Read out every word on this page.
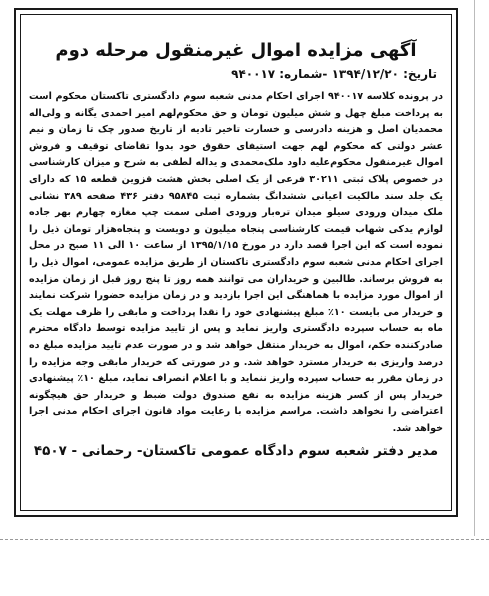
آگهی مزایده اموال غیرمنقول مرحله دوم
تاریخ: ۱۳۹۴/۱۲/۲۰ -شماره: ۹۴۰۰۱۷
در پرونده کلاسه ۹۴۰۰۱۷ اجرای احکام مدنی شعبه سوم دادگستری تاکستان محکوم است به پرداخت مبلغ چهل و شش میلیون تومان و حق محکوم‌لهم امیر احمدی یگانه و ولی‌اله محمدیان اصل و هزینه دادرسی و خسارت تاخیر تادیه از تاریخ صدور چک تا زمان و نیم عشر دولتی که محکوم لهم جهت استیفای حقوق خود بدوا تقاضای توقیف و فروش اموال غیرمنقول محکوم‌علیه داود ملک‌محمدی و یداله لطفی به شرح و میزان کارشناسی در خصوص پلاک ثبتی ۳۰۲۱۱ فرعی از یک اصلی بخش هشت قزوین قطعه ۱۵ که دارای یک جلد سند مالکیت اعیانی ششدانگ بشماره ثبت ۹۵۸۴۵ دفتر ۴۳۶ صفحه ۳۸۹ نشانی ملک میدان ورودی سیلو میدان تره‌بار ورودی اصلی سمت چپ مغازه چهارم بهر جاده لوازم یدکی شهاب قیمت کارشناسی پنجاه میلیون و دویست و پنجاه‌هزار تومان ذیل را نموده است که این اجرا قصد دارد در مورخ ۱۳۹۵/۱/۱۵ از ساعت ۱۰ الی ۱۱ صبح در محل اجرای احکام مدنی شعبه سوم دادگستری تاکستان از طریق مزایده عمومی، اموال ذیل را به فروش برساند. طالبین و خریداران می توانند همه روز تا پنج روز قبل از زمان مزایده از اموال مورد مزایده با هماهنگی این اجرا بازدید و در زمان مزایده حضورا شرکت نمایند و خریدار می بایست ۱۰٪ مبلغ پیشنهادی خود را نقدا پرداخت و مابقی را ظرف مهلت یک ماه به حساب سپرده دادگستری واریز نماید و پس از تایید مزایده توسط دادگاه محترم صادرکننده حکم، اموال به خریدار منتقل خواهد شد و در صورت عدم تایید مزایده مبلغ ده درصد واریزی به خریدار مسترد خواهد شد. و در صورتی که خریدار مابقی وجه مزایده را در زمان مقرر به حساب سپرده واریز ننماید و با اعلام انصراف نماید، مبلغ ۱۰٪ پیشنهادی خریدار پس از کسر هزینه مزایده به نفع صندوق دولت ضبط و خریدار حق هیچگونه اعتراضی را نخواهد داشت. مراسم مزایده با رعایت مواد قانون اجرای احکام مدنی اجرا خواهد شد.
مدیر دفتر شعبه سوم دادگاه عمومی تاکستان- رحمانی - ۴۵۰۷
